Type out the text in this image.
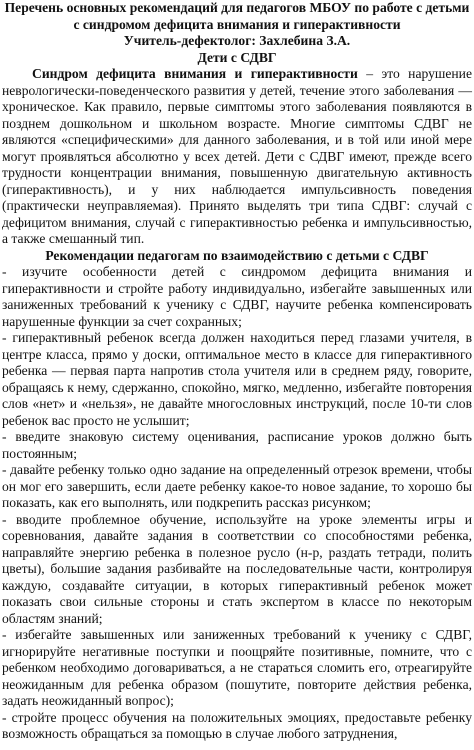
Перечень основных рекомендаций для педагогов МБОУ по работе с детьми с синдромом дефицита внимания и гиперактивности
Учитель-дефектолог: Захлебина З.А.
Дети с СДВГ

Синдром дефицита внимания и гиперактивности – это нарушение неврологически-поведенческого развития у детей, течение этого заболевания — хроническое. Как правило, первые симптомы этого заболевания появляются в позднем дошкольном и школьном возрасте. Многие симптомы СДВГ не являются «специфическими» для данного заболевания, и в той или иной мере могут проявляться абсолютно у всех детей. Дети с СДВГ имеют, прежде всего трудности концентрации внимания, повышенную двигательную активность (гиперактивность), и у них наблюдается импульсивность поведения (практически неуправляемая). Принято выделять три типа СДВГ: случай с дефицитом внимания, случай с гиперактивностью ребенка и импульсивностью, а также смешанный тип.

Рекомендации педагогам по взаимодействию с детьми с СДВГ

- изучите особенности детей с синдромом дефицита внимания и гиперактивности и стройте работу индивидуально, избегайте завышенных или заниженных требований к ученику с СДВГ, научите ребенка компенсировать нарушенные функции за счет сохранных;

- гиперактивный ребенок всегда должен находиться перед глазами учителя, в центре класса, прямо у доски, оптимальное место в классе для гиперактивного ребенка — первая парта напротив стола учителя или в среднем ряду, говорите, обращаясь к нему, сдержанно, спокойно, мягко, медленно, избегайте повторения слов «нет» и «нельзя», не давайте многословных инструкций, после 10-ти слов ребенок вас просто не услышит;

- введите знаковую систему оценивания, расписание уроков должно быть постоянным;

- давайте ребенку только одно задание на определенный отрезок времени, чтобы он мог его завершить, если даете ребенку какое-то новое задание, то хорошо бы показать, как его выполнять, или подкрепить рассказ рисунком;

- вводите проблемное обучение, используйте на уроке элементы игры и соревнования, давайте задания в соответствии со способностями ребенка, направляйте энергию ребенка в полезное русло (н-р, раздать тетради, полить цветы), большие задания разбивайте на последовательные части, контролируя каждую, создавайте ситуации, в которых гиперактивный ребенок может показать свои сильные стороны и стать экспертом в классе по некоторым областям знаний;

- избегайте завышенных или заниженных требований к ученику с СДВГ, игнорируйте негативные поступки и поощряйте позитивные, помните, что с ребенком необходимо договариваться, а не стараться сломить его, отреагируйте неожиданным для ребенка образом (пошутите, повторите действия ребенка, задать неожиданный вопрос);

- стройте процесс обучения на положительных эмоциях, предоставьте ребенку возможность обращаться за помощью в случае любого затруднения,
